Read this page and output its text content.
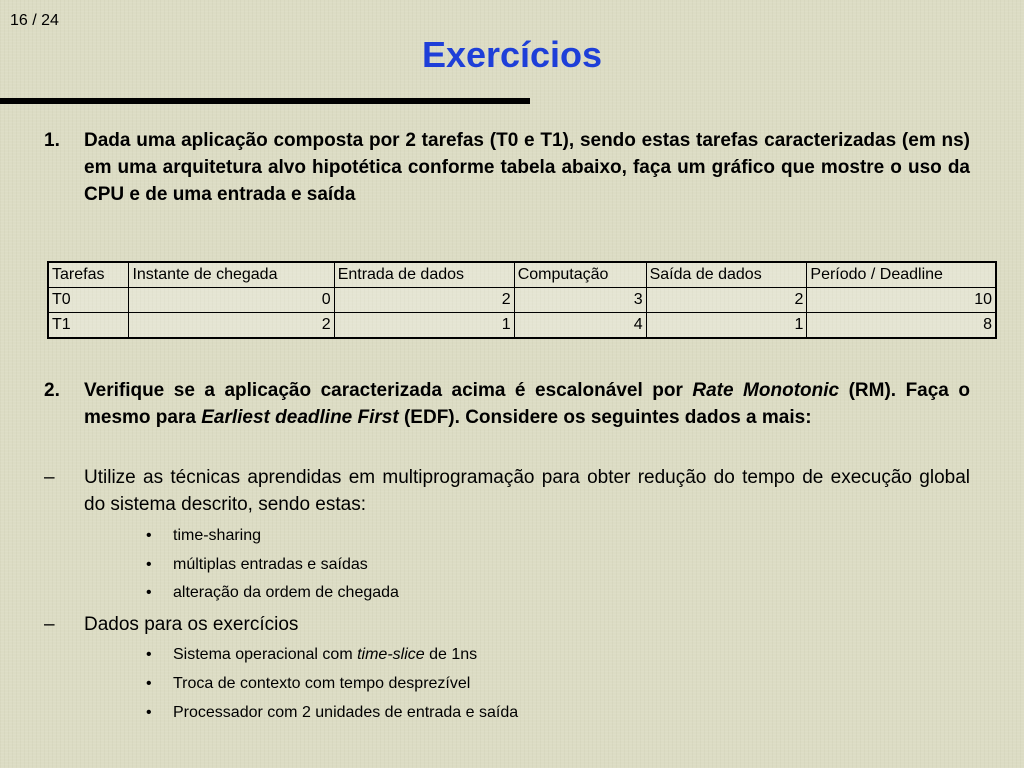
16 / 24
Exercícios
1. Dada uma aplicação composta por 2 tarefas (T0 e T1), sendo estas tarefas caracterizadas (em ns) em uma arquitetura alvo hipotética conforme tabela abaixo, faça um gráfico que mostre o uso da CPU e de uma entrada e saída
Tarefas	Instante de chegada	Entrada de dados	Computação	Saída de dados	Período / Deadline
T0	0	2	3	2	10
T1	2	1	4	1	8
2. Verifique se a aplicação caracterizada acima é escalonável por Rate Monotonic (RM). Faça o mesmo para Earliest deadline First (EDF). Considere os seguintes dados a mais:
– Utilize as técnicas aprendidas em multiprogramação para obter redução do tempo de execução global do sistema descrito, sendo estas:
• time-sharing
• múltiplas entradas e saídas
• alteração da ordem de chegada
– Dados para os exercícios
• Sistema operacional com time-slice de 1ns
• Troca de contexto com tempo desprezível
• Processador com 2 unidades de entrada e saída
